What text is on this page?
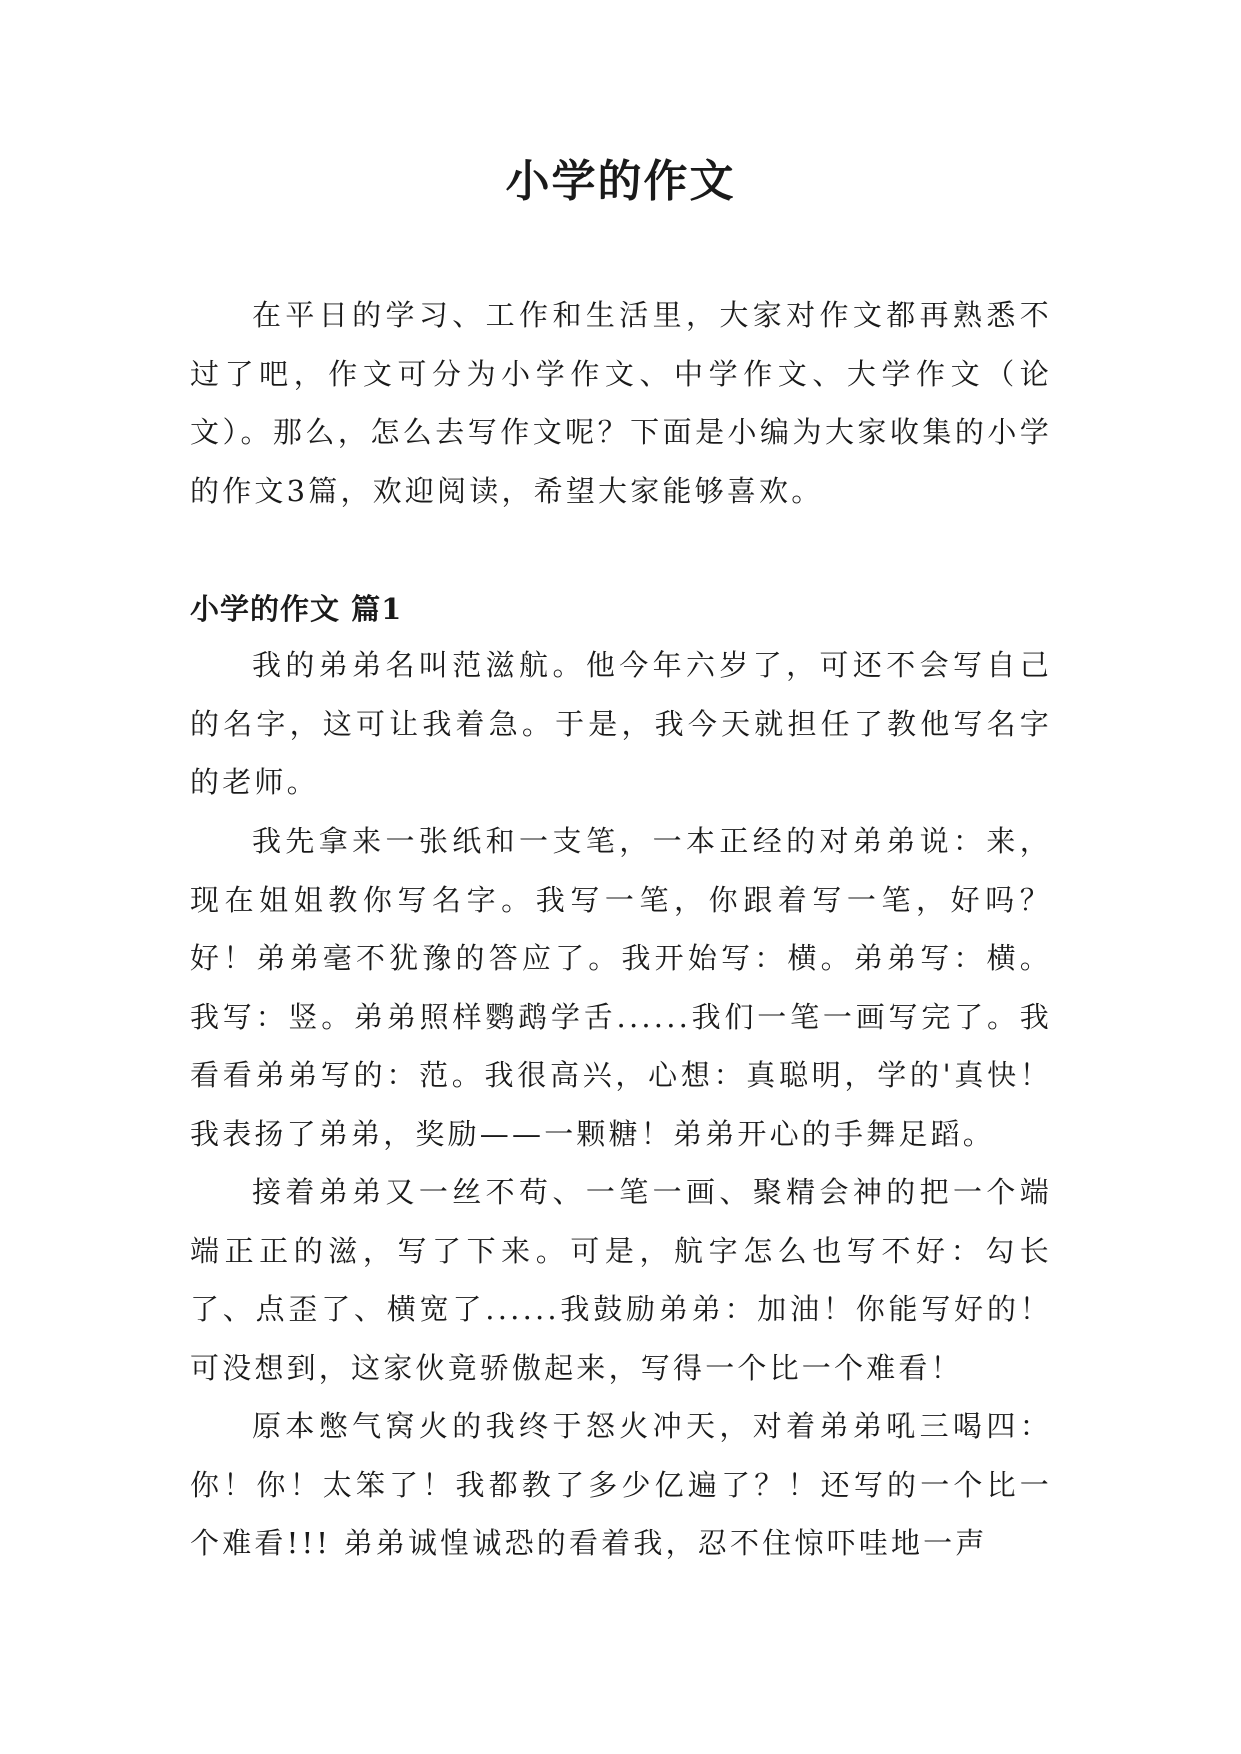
小学的作文

在平日的学习、工作和生活里，大家对作文都再熟悉不过了吧，作文可分为小学作文、中学作文、大学作文（论文）。那么，怎么去写作文呢？下面是小编为大家收集的小学的作文3篇，欢迎阅读，希望大家能够喜欢。

小学的作文 篇1

我的弟弟名叫范滋航。他今年六岁了，可还不会写自己的名字，这可让我着急。于是，我今天就担任了教他写名字的老师。

我先拿来一张纸和一支笔，一本正经的对弟弟说：来，现在姐姐教你写名字。我写一笔，你跟着写一笔，好吗？好！弟弟毫不犹豫的答应了。我开始写：横。弟弟写：横。我写：竖。弟弟照样鹦鹉学舌......我们一笔一画写完了。我看看弟弟写的：范。我很高兴，心想：真聪明，学的'真快！我表扬了弟弟，奖励——一颗糖！弟弟开心的手舞足蹈。

接着弟弟又一丝不苟、一笔一画、聚精会神的把一个端端正正的滋，写了下来。可是，航字怎么也写不好：勾长了、点歪了、横宽了......我鼓励弟弟：加油！你能写好的！可没想到，这家伙竟骄傲起来，写得一个比一个难看！

原本憋气窝火的我终于怒火冲天，对着弟弟吼三喝四：你！你！太笨了！我都教了多少亿遍了？！还写的一个比一个难看!!! 弟弟诚惶诚恐的看着我，忍不住惊吓哇地一声
